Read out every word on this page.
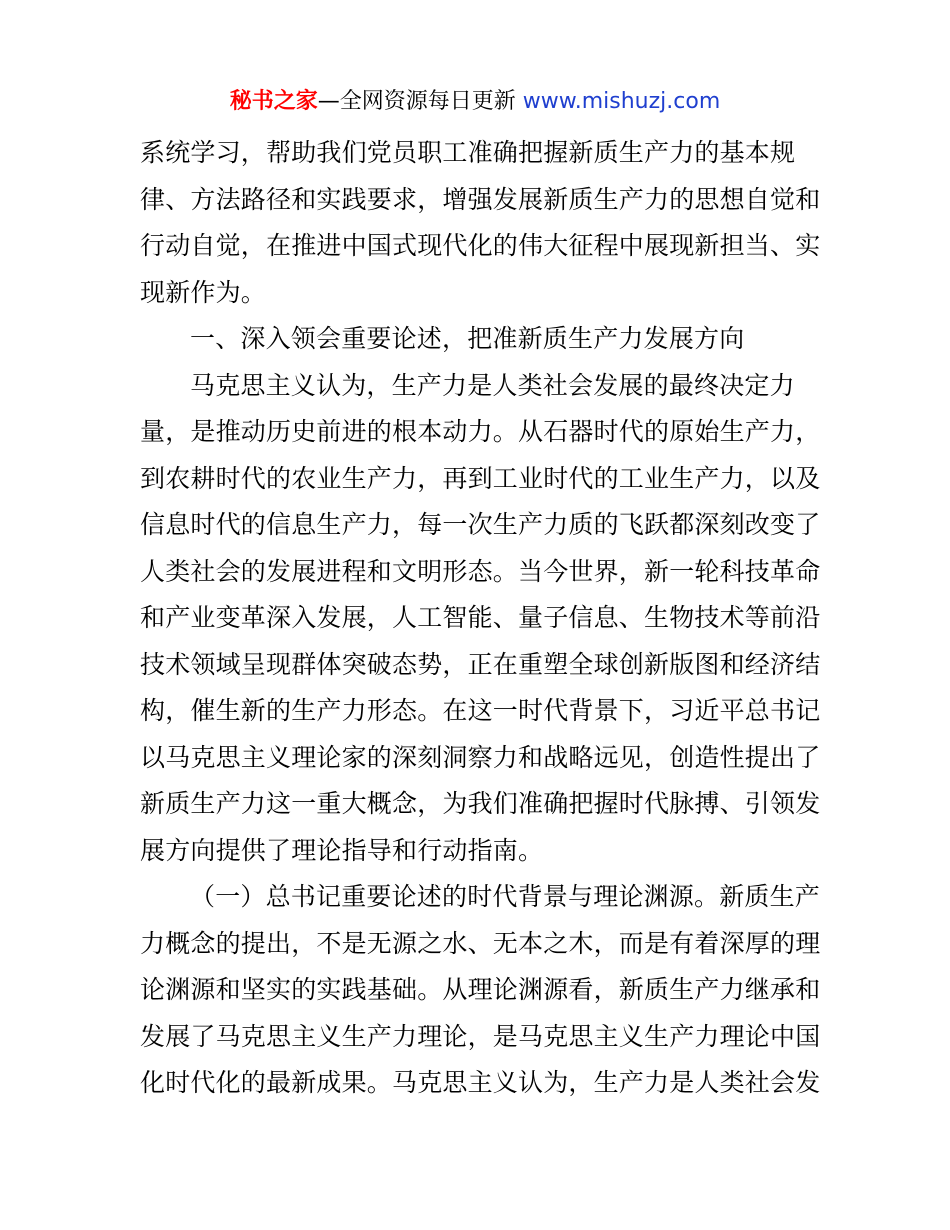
秘书之家—全网资源每日更新 www.mishuzj.com

系统学习，帮助我们党员职工准确把握新质生产力的基本规
律、方法路径和实践要求，增强发展新质生产力的思想自觉和
行动自觉，在推进中国式现代化的伟大征程中展现新担当、实
现新作为。

一、深入领会重要论述，把准新质生产力发展方向

马克思主义认为，生产力是人类社会发展的最终决定力
量，是推动历史前进的根本动力。从石器时代的原始生产力，
到农耕时代的农业生产力，再到工业时代的工业生产力，以及
信息时代的信息生产力，每一次生产力质的飞跃都深刻改变了
人类社会的发展进程和文明形态。当今世界，新一轮科技革命
和产业变革深入发展，人工智能、量子信息、生物技术等前沿
技术领域呈现群体突破态势，正在重塑全球创新版图和经济结
构，催生新的生产力形态。在这一时代背景下，习近平总书记
以马克思主义理论家的深刻洞察力和战略远见，创造性提出了
新质生产力这一重大概念，为我们准确把握时代脉搏、引领发
展方向提供了理论指导和行动指南。

（一）总书记重要论述的时代背景与理论渊源。新质生产
力概念的提出，不是无源之水、无本之木，而是有着深厚的理
论渊源和坚实的实践基础。从理论渊源看，新质生产力继承和
发展了马克思主义生产力理论，是马克思主义生产力理论中国
化时代化的最新成果。马克思主义认为，生产力是人类社会发
